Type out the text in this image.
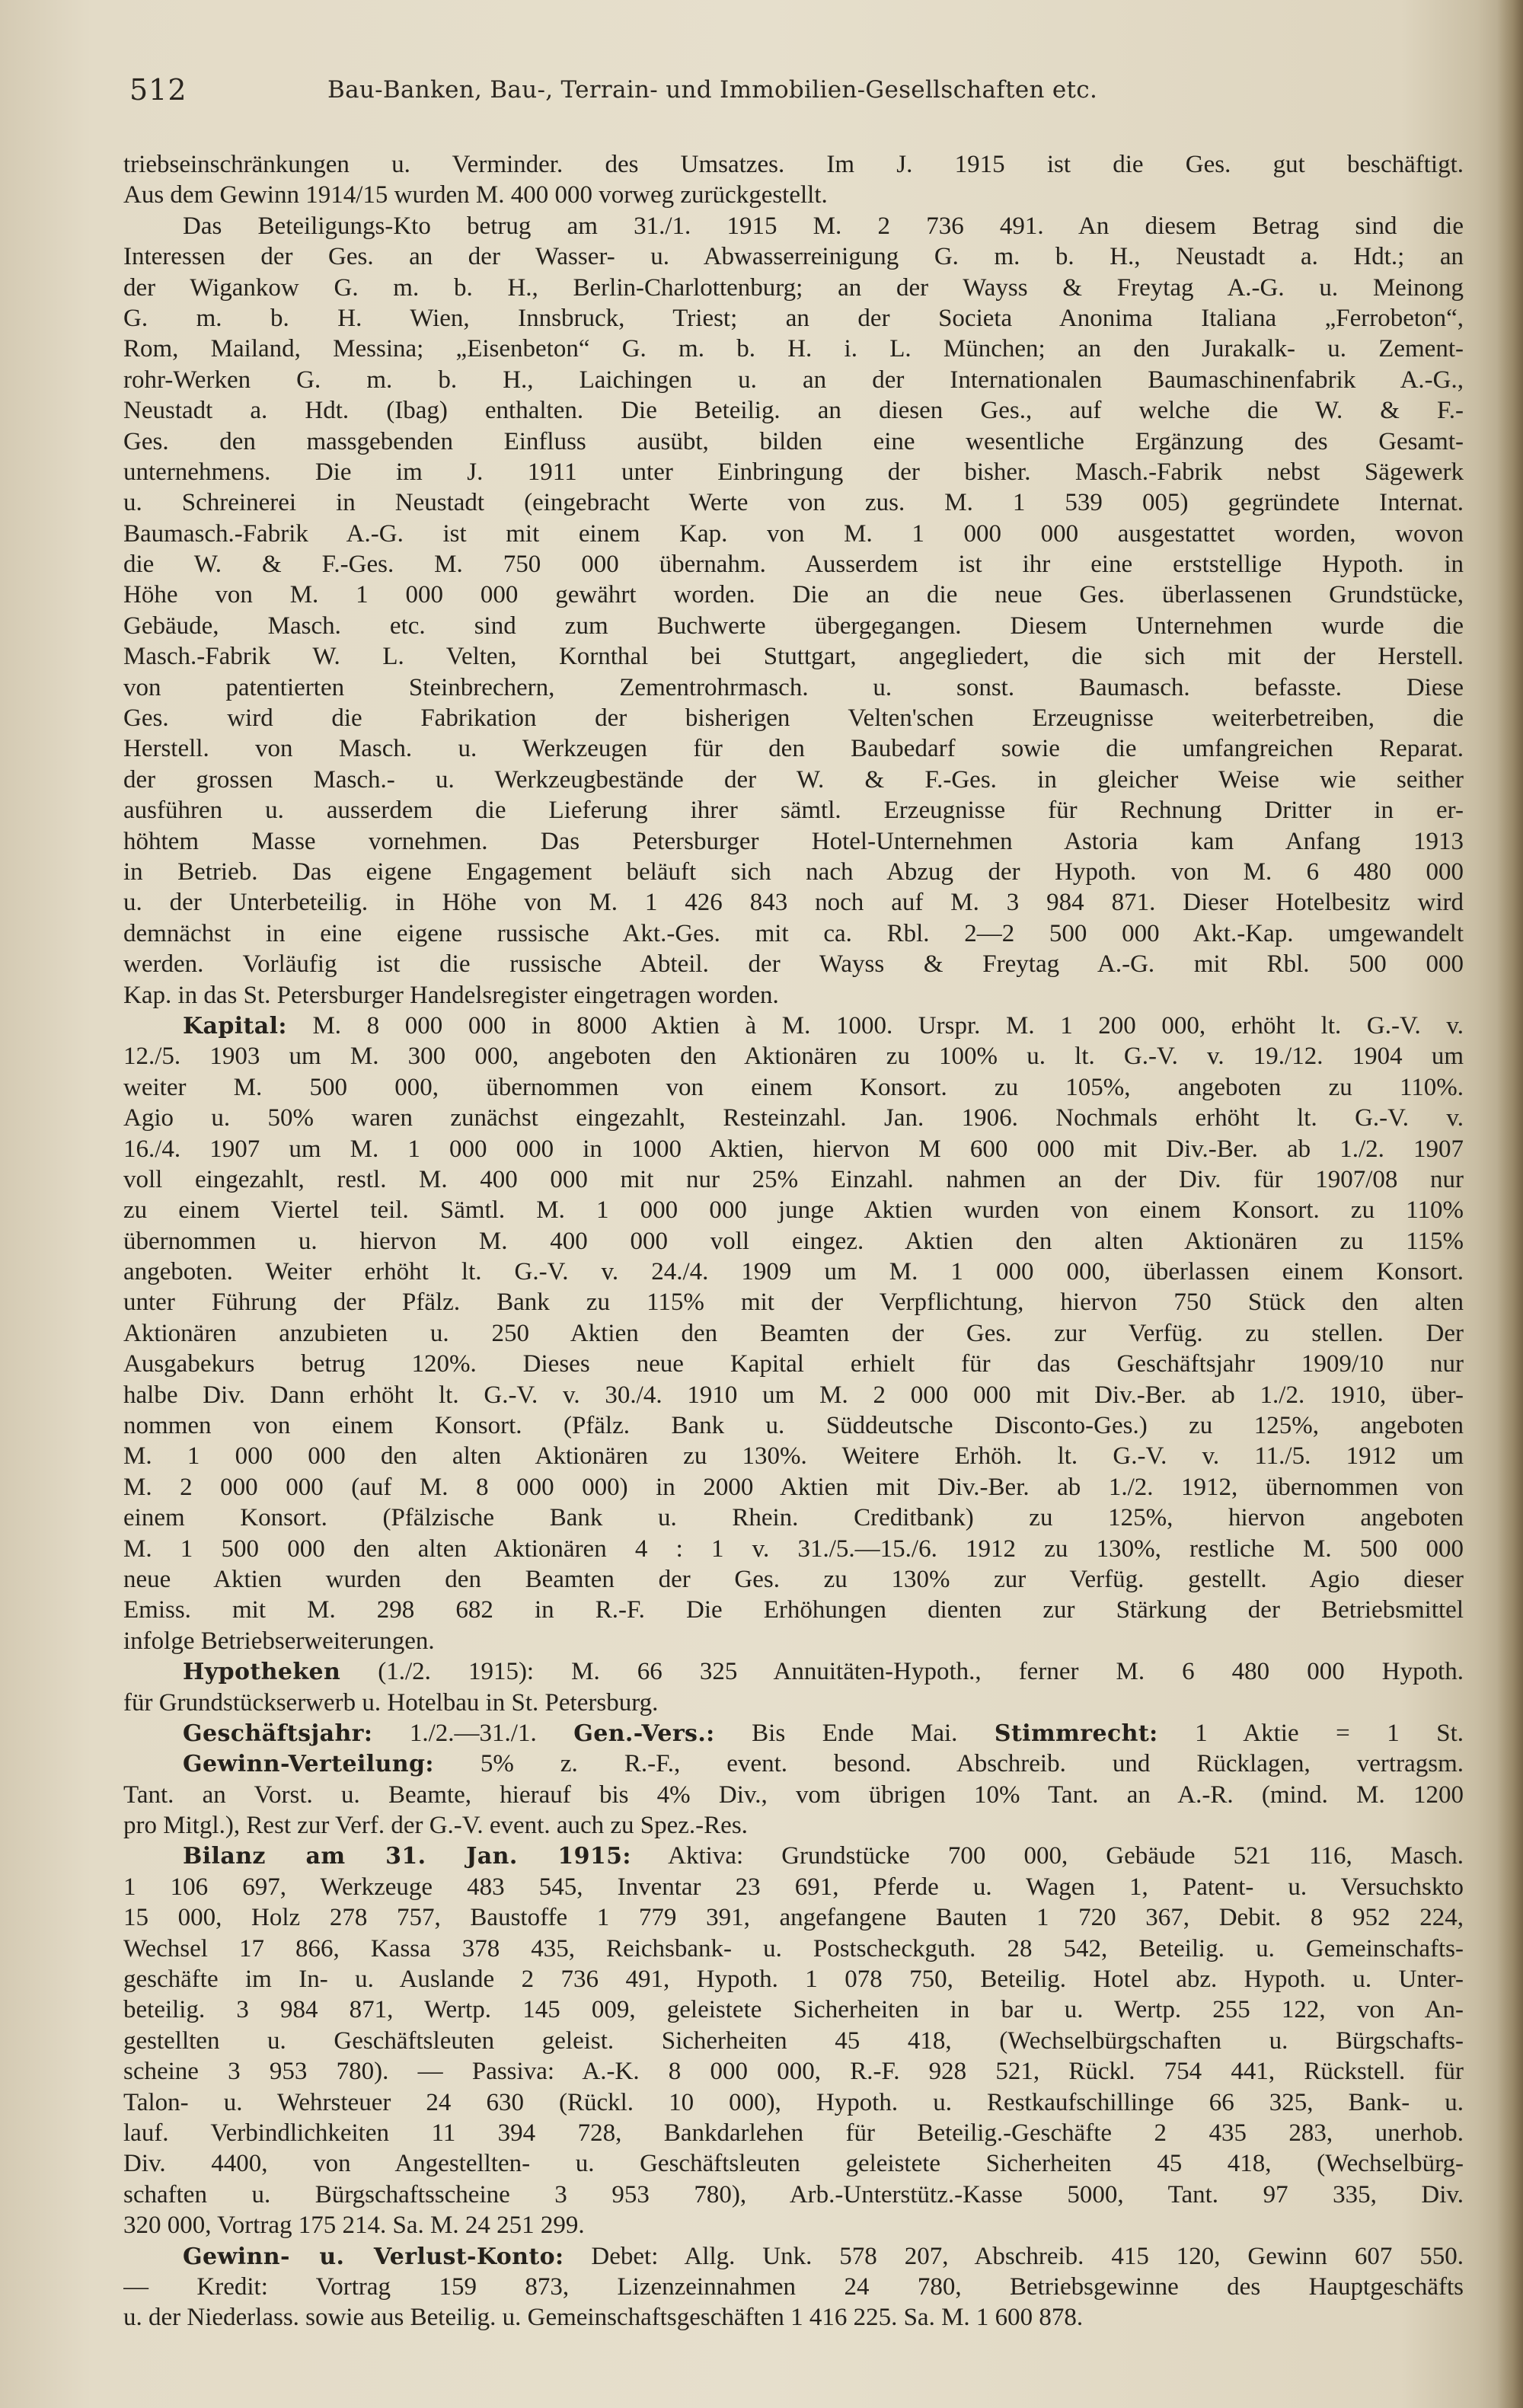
512	Bau-Banken, Bau-, Terrain- und Immobilien-Gesellschaften etc.
triebseinschränkungen u. Verminder. des Umsatzes. Im J. 1915 ist die Ges. gut beschäftigt.
Aus dem Gewinn 1914/15 wurden M. 400 000 vorweg zurückgestellt.
Das Beteiligungs-Kto betrug am 31./1. 1915 M. 2 736 491. An diesem Betrag sind die
Interessen der Ges. an der Wasser- u. Abwasserreinigung G. m. b. H., Neustadt a. Hdt.; an
der Wigankow G. m. b. H., Berlin-Charlottenburg; an der Wayss & Freytag A.-G. u. Meinong
G. m. b. H. Wien, Innsbruck, Triest; an der Societa Anonima Italiana „Ferrobeton“,
Rom, Mailand, Messina; „Eisenbeton“ G. m. b. H. i. L. München; an den Jurakalk- u. Zement-
rohr-Werken G. m. b. H., Laichingen u. an der Internationalen Baumaschinenfabrik A.-G.,
Neustadt a. Hdt. (Ibag) enthalten. Die Beteilig. an diesen Ges., auf welche die W. & F.-
Ges. den massgebenden Einfluss ausübt, bilden eine wesentliche Ergänzung des Gesamt-
unternehmens. Die im J. 1911 unter Einbringung der bisher. Masch.-Fabrik nebst Sägewerk
u. Schreinerei in Neustadt (eingebracht Werte von zus. M. 1 539 005) gegründete Internat.
Baumasch.-Fabrik A.-G. ist mit einem Kap. von M. 1 000 000 ausgestattet worden, wovon
die W. & F.-Ges. M. 750 000 übernahm. Ausserdem ist ihr eine erststellige Hypoth. in
Höhe von M. 1 000 000 gewährt worden. Die an die neue Ges. überlassenen Grundstücke,
Gebäude, Masch. etc. sind zum Buchwerte übergegangen. Diesem Unternehmen wurde die
Masch.-Fabrik W. L. Velten, Kornthal bei Stuttgart, angegliedert, die sich mit der Herstell.
von patentierten Steinbrechern, Zementrohrmasch. u. sonst. Baumasch. befasste. Diese
Ges. wird die Fabrikation der bisherigen Velten'schen Erzeugnisse weiterbetreiben, die
Herstell. von Masch. u. Werkzeugen für den Baubedarf sowie die umfangreichen Reparat.
der grossen Masch.- u. Werkzeugbestände der W. & F.-Ges. in gleicher Weise wie seither
ausführen u. ausserdem die Lieferung ihrer sämtl. Erzeugnisse für Rechnung Dritter in er-
höhtem Masse vornehmen. Das Petersburger Hotel-Unternehmen Astoria kam Anfang 1913
in Betrieb. Das eigene Engagement beläuft sich nach Abzug der Hypoth. von M. 6 480 000
u. der Unterbeteilig. in Höhe von M. 1 426 843 noch auf M. 3 984 871. Dieser Hotelbesitz wird
demnächst in eine eigene russische Akt.-Ges. mit ca. Rbl. 2—2 500 000 Akt.-Kap. umgewandelt
werden. Vorläufig ist die russische Abteil. der Wayss & Freytag A.-G. mit Rbl. 500 000
Kap. in das St. Petersburger Handelsregister eingetragen worden.
Kapital: M. 8 000 000 in 8000 Aktien à M. 1000. Urspr. M. 1 200 000, erhöht lt. G.-V. v.
12./5. 1903 um M. 300 000, angeboten den Aktionären zu 100% u. lt. G.-V. v. 19./12. 1904 um
weiter M. 500 000, übernommen von einem Konsort. zu 105%, angeboten zu 110%.
Agio u. 50% waren zunächst eingezahlt, Resteinzahl. Jan. 1906. Nochmals erhöht lt. G.-V. v.
16./4. 1907 um M. 1 000 000 in 1000 Aktien, hiervon M 600 000 mit Div.-Ber. ab 1./2. 1907
voll eingezahlt, restl. M. 400 000 mit nur 25% Einzahl. nahmen an der Div. für 1907/08 nur
zu einem Viertel teil. Sämtl. M. 1 000 000 junge Aktien wurden von einem Konsort. zu 110%
übernommen u. hiervon M. 400 000 voll eingez. Aktien den alten Aktionären zu 115%
angeboten. Weiter erhöht lt. G.-V. v. 24./4. 1909 um M. 1 000 000, überlassen einem Konsort.
unter Führung der Pfälz. Bank zu 115% mit der Verpflichtung, hiervon 750 Stück den alten
Aktionären anzubieten u. 250 Aktien den Beamten der Ges. zur Verfüg. zu stellen. Der
Ausgabekurs betrug 120%. Dieses neue Kapital erhielt für das Geschäftsjahr 1909/10 nur
halbe Div. Dann erhöht lt. G.-V. v. 30./4. 1910 um M. 2 000 000 mit Div.-Ber. ab 1./2. 1910, über-
nommen von einem Konsort. (Pfälz. Bank u. Süddeutsche Disconto-Ges.) zu 125%, angeboten
M. 1 000 000 den alten Aktionären zu 130%. Weitere Erhöh. lt. G.-V. v. 11./5. 1912 um
M. 2 000 000 (auf M. 8 000 000) in 2000 Aktien mit Div.-Ber. ab 1./2. 1912, übernommen von
einem Konsort. (Pfälzische Bank u. Rhein. Creditbank) zu 125%, hiervon angeboten
M. 1 500 000 den alten Aktionären 4 : 1 v. 31./5.—15./6. 1912 zu 130%, restliche M. 500 000
neue Aktien wurden den Beamten der Ges. zu 130% zur Verfüg. gestellt. Agio dieser
Emiss. mit M. 298 682 in R.-F. Die Erhöhungen dienten zur Stärkung der Betriebsmittel
infolge Betriebserweiterungen.
Hypotheken (1./2. 1915): M. 66 325 Annuitäten-Hypoth., ferner M. 6 480 000 Hypoth.
für Grundstückserwerb u. Hotelbau in St. Petersburg.
Geschäftsjahr: 1./2.—31./1. Gen.-Vers.: Bis Ende Mai. Stimmrecht: 1 Aktie = 1 St.
Gewinn-Verteilung: 5% z. R.-F., event. besond. Abschreib. und Rücklagen, vertragsm.
Tant. an Vorst. u. Beamte, hierauf bis 4% Div., vom übrigen 10% Tant. an A.-R. (mind. M. 1200
pro Mitgl.), Rest zur Verf. der G.-V. event. auch zu Spez.-Res.
Bilanz am 31. Jan. 1915: Aktiva: Grundstücke 700 000, Gebäude 521 116, Masch.
1 106 697, Werkzeuge 483 545, Inventar 23 691, Pferde u. Wagen 1, Patent- u. Versuchskto
15 000, Holz 278 757, Baustoffe 1 779 391, angefangene Bauten 1 720 367, Debit. 8 952 224,
Wechsel 17 866, Kassa 378 435, Reichsbank- u. Postscheckguth. 28 542, Beteilig. u. Gemeinschafts-
geschäfte im In- u. Auslande 2 736 491, Hypoth. 1 078 750, Beteilig. Hotel abz. Hypoth. u. Unter-
beteilig. 3 984 871, Wertp. 145 009, geleistete Sicherheiten in bar u. Wertp. 255 122, von An-
gestellten u. Geschäftsleuten geleist. Sicherheiten 45 418, (Wechselbürgschaften u. Bürgschafts-
scheine 3 953 780). — Passiva: A.-K. 8 000 000, R.-F. 928 521, Rückl. 754 441, Rückstell. für
Talon- u. Wehrsteuer 24 630 (Rückl. 10 000), Hypoth. u. Restkaufschillinge 66 325, Bank- u.
lauf. Verbindlichkeiten 11 394 728, Bankdarlehen für Beteilig.-Geschäfte 2 435 283, unerhob.
Div. 4400, von Angestellten- u. Geschäftsleuten geleistete Sicherheiten 45 418, (Wechselbürg-
schaften u. Bürgschaftsscheine 3 953 780), Arb.-Unterstütz.-Kasse 5000, Tant. 97 335, Div.
320 000, Vortrag 175 214. Sa. M. 24 251 299.
Gewinn- u. Verlust-Konto: Debet: Allg. Unk. 578 207, Abschreib. 415 120, Gewinn 607 550.
— Kredit: Vortrag 159 873, Lizenzeinnahmen 24 780, Betriebsgewinne des Hauptgeschäfts
u. der Niederlass. sowie aus Beteilig. u. Gemeinschaftsgeschäften 1 416 225. Sa. M. 1 600 878.
